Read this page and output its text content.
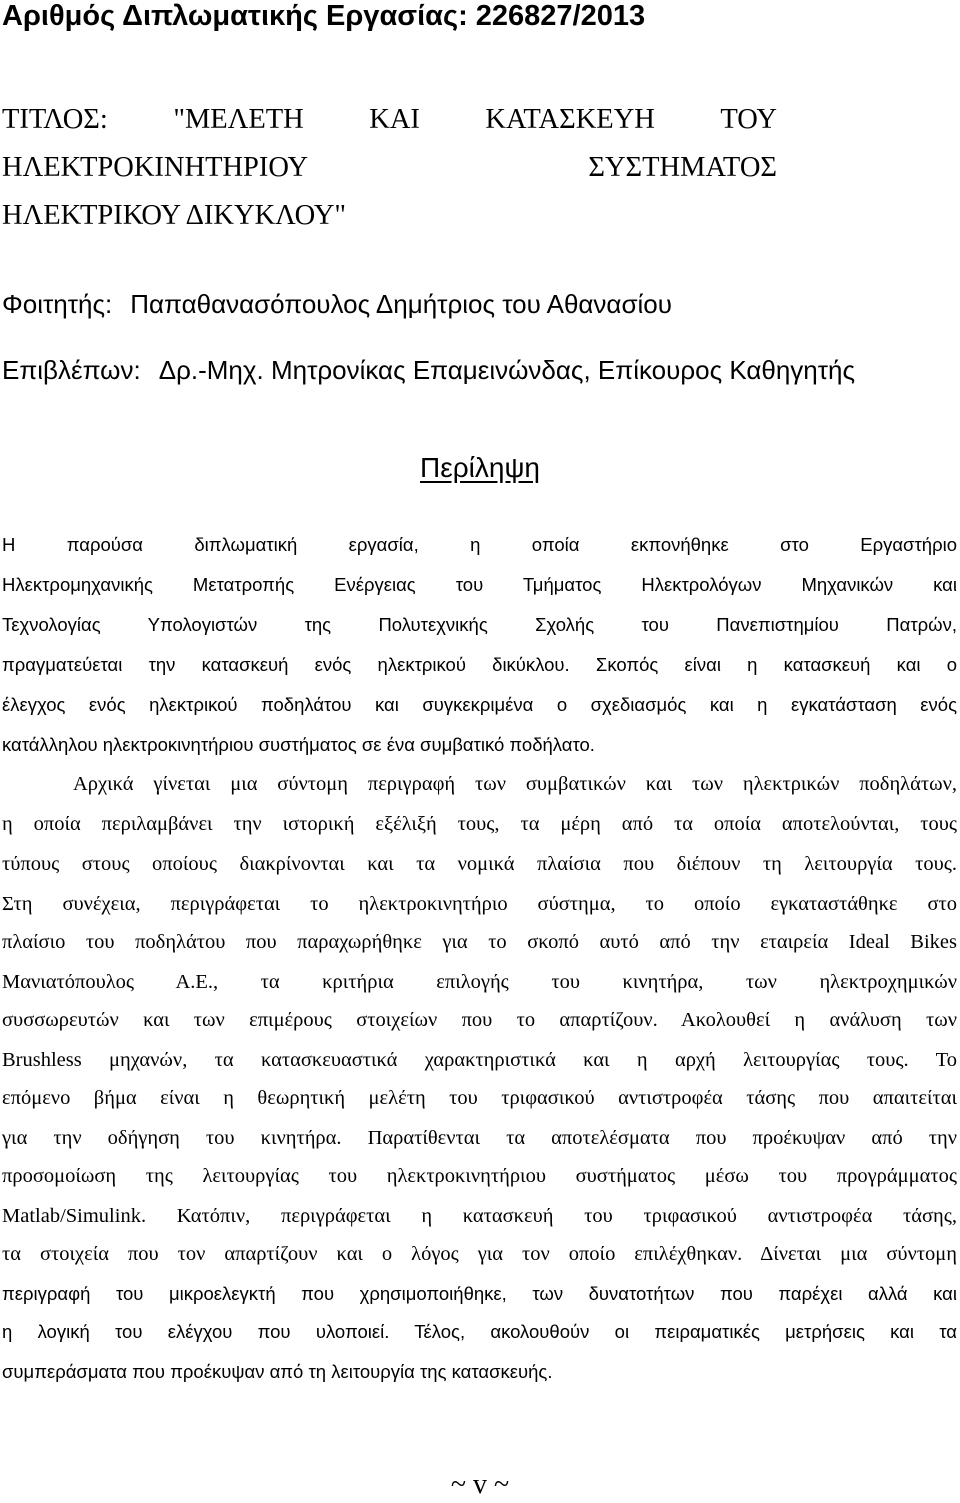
Αριθμός Διπλωματικής Εργασίας: 226827/2013
ΤΙΤΛΟΣ: "ΜΕΛΕΤΗ ΚΑΙ ΚΑΤΑΣΚΕΥΗ ΤΟΥ
ΗΛΕΚΤΡΟΚΙΝΗΤΗΡΙΟΥ	ΣΥΣΤΗΜΑΤΟΣ
ΗΛΕΚΤΡΙΚΟΥ ΔΙΚΥΚΛΟΥ"
Φοιτητής: Παπαθανασόπουλος Δημήτριος του Αθανασίου
Επιβλέπων: Δρ.-Μηχ. Μητρονίκας Επαμεινώνδας, Επίκουρος Καθηγητής
Περίληψη
Η παρούσα διπλωματική εργασία, η οποία εκπονήθηκε στο Εργαστήριο
Ηλεκτρομηχανικής Μετατροπής Ενέργειας του Τμήματος Ηλεκτρολόγων Μηχανικών και
Τεχνολογίας Υπολογιστών της Πολυτεχνικής Σχολής του Πανεπιστημίου Πατρών,
πραγματεύεται την κατασκευή ενός ηλεκτρικού δικύκλου. Σκοπός είναι η κατασκευή και ο
έλεγχος ενός ηλεκτρικού ποδηλάτου και συγκεκριμένα ο σχεδιασμός και η εγκατάσταση ενός
κατάλληλου ηλεκτροκινητήριου συστήματος σε ένα συμβατικό ποδήλατο.
Αρχικά γίνεται μια σύντομη περιγραφή των συμβατικών και των ηλεκτρικών ποδηλάτων,
η οποία περιλαμβάνει την ιστορική εξέλιξή τους, τα μέρη από τα οποία αποτελούνται, τους
τύπους στους οποίους διακρίνονται και τα νομικά πλαίσια που διέπουν τη λειτουργία τους.
Στη συνέχεια, περιγράφεται το ηλεκτροκινητήριο σύστημα, το οποίο εγκαταστάθηκε στο
πλαίσιο του ποδηλάτου που παραχωρήθηκε για το σκοπό αυτό από την εταιρεία Ideal Bikes
Μανιατόπουλος Α.Ε., τα κριτήρια επιλογής του κινητήρα, των ηλεκτροχημικών
συσσωρευτών και των επιμέρους στοιχείων που το απαρτίζουν. Ακολουθεί η ανάλυση των
Brushless μηχανών, τα κατασκευαστικά χαρακτηριστικά και η αρχή λειτουργίας τους. Το
επόμενο βήμα είναι η θεωρητική μελέτη του τριφασικού αντιστροφέα τάσης που απαιτείται
για την οδήγηση του κινητήρα. Παρατίθενται τα αποτελέσματα που προέκυψαν από την
προσομοίωση της λειτουργίας του ηλεκτροκινητήριου συστήματος μέσω του προγράμματος
Matlab/Simulink. Κατόπιν, περιγράφεται η κατασκευή του τριφασικού αντιστροφέα τάσης,
τα στοιχεία που τον απαρτίζουν και ο λόγος για τον οποίο επιλέχθηκαν. Δίνεται μια σύντομη
περιγραφή του μικροελεγκτή που χρησιμοποιήθηκε, των δυνατοτήτων που παρέχει αλλά και
η λογική του ελέγχου που υλοποιεί. Τέλος, ακολουθούν οι πειραματικές μετρήσεις και τα
συμπεράσματα που προέκυψαν από τη λειτουργία της κατασκευής.
~ v ~
